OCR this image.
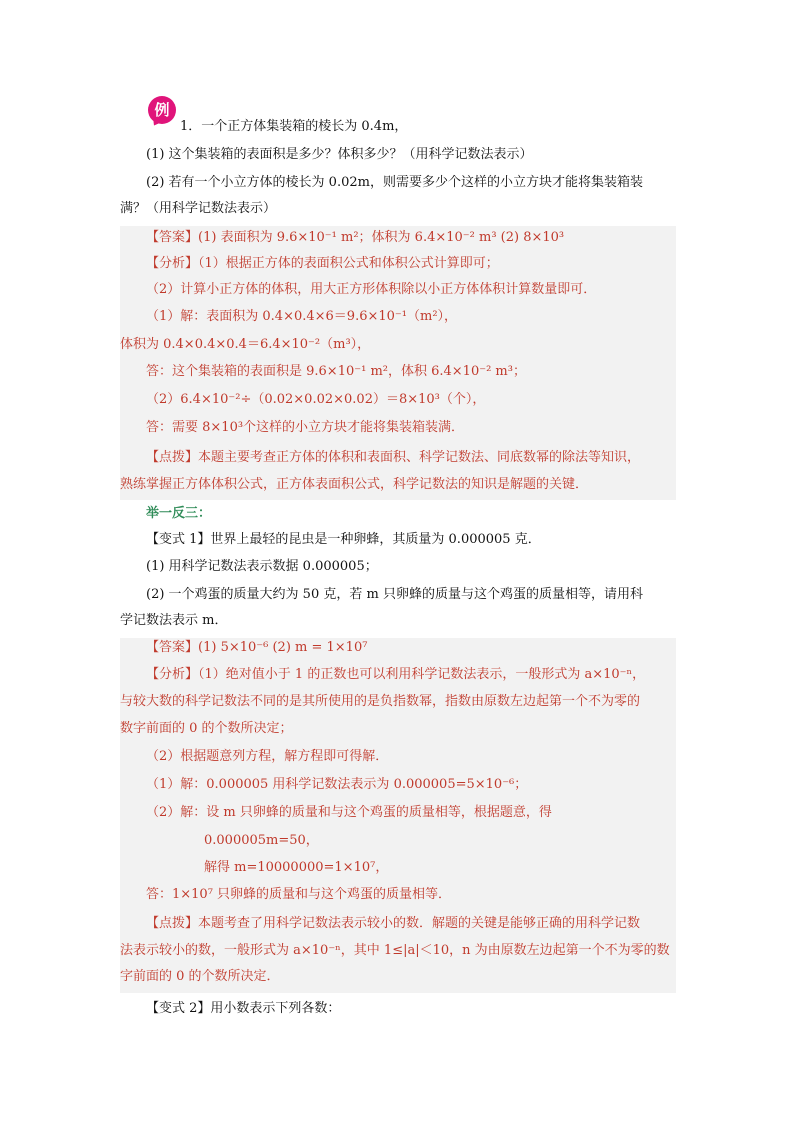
例
1．一个正方体集装箱的棱长为 0.4m，
(1) 这个集装箱的表面积是多少？体积多少？（用科学记数法表示）
(2) 若有一个小立方体的棱长为 0.02m，则需要多少个这样的小立方块才能将集装箱装
满？（用科学记数法表示）
【答案】(1) 表面积为 9.6×10⁻¹ m²；体积为 6.4×10⁻² m³ (2) 8×10³
【分析】（1）根据正方体的表面积公式和体积公式计算即可；
（2）计算小正方体的体积，用大正方形体积除以小正方体体积计算数量即可．
（1）解：表面积为 0.4×0.4×6＝9.6×10⁻¹（m²），
体积为 0.4×0.4×0.4＝6.4×10⁻²（m³），
答：这个集装箱的表面积是 9.6×10⁻¹ m²，体积 6.4×10⁻² m³；
（2）6.4×10⁻²÷（0.02×0.02×0.02）＝8×10³（个），
答：需要 8×10³个这样的小立方块才能将集装箱装满．
【点拨】本题主要考查正方体的体积和表面积、科学记数法、同底数幂的除法等知识，
熟练掌握正方体体积公式，正方体表面积公式，科学记数法的知识是解题的关键．
举一反三：
【变式 1】世界上最轻的昆虫是一种卵蜂，其质量为 0.000005 克．
(1) 用科学记数法表示数据 0.000005；
(2) 一个鸡蛋的质量大约为 50 克，若 m 只卵蜂的质量与这个鸡蛋的质量相等，请用科
学记数法表示 m．
【答案】(1) 5×10⁻⁶ (2) m = 1×10⁷
【分析】（1）绝对值小于 1 的正数也可以利用科学记数法表示，一般形式为 a×10⁻ⁿ，
与较大数的科学记数法不同的是其所使用的是负指数幂，指数由原数左边起第一个不为零的
数字前面的 0 的个数所决定；
（2）根据题意列方程，解方程即可得解．
（1）解：0.000005 用科学记数法表示为 0.000005=5×10⁻⁶；
（2）解：设 m 只卵蜂的质量和与这个鸡蛋的质量相等，根据题意，得
0.000005m=50，
解得 m=10000000=1×10⁷，
答：1×10⁷ 只卵蜂的质量和与这个鸡蛋的质量相等．
【点拨】本题考查了用科学记数法表示较小的数．解题的关键是能够正确的用科学记数
法表示较小的数，一般形式为 a×10⁻ⁿ，其中 1≤|a|＜10，n 为由原数左边起第一个不为零的数
字前面的 0 的个数所决定．
【变式 2】用小数表示下列各数：
